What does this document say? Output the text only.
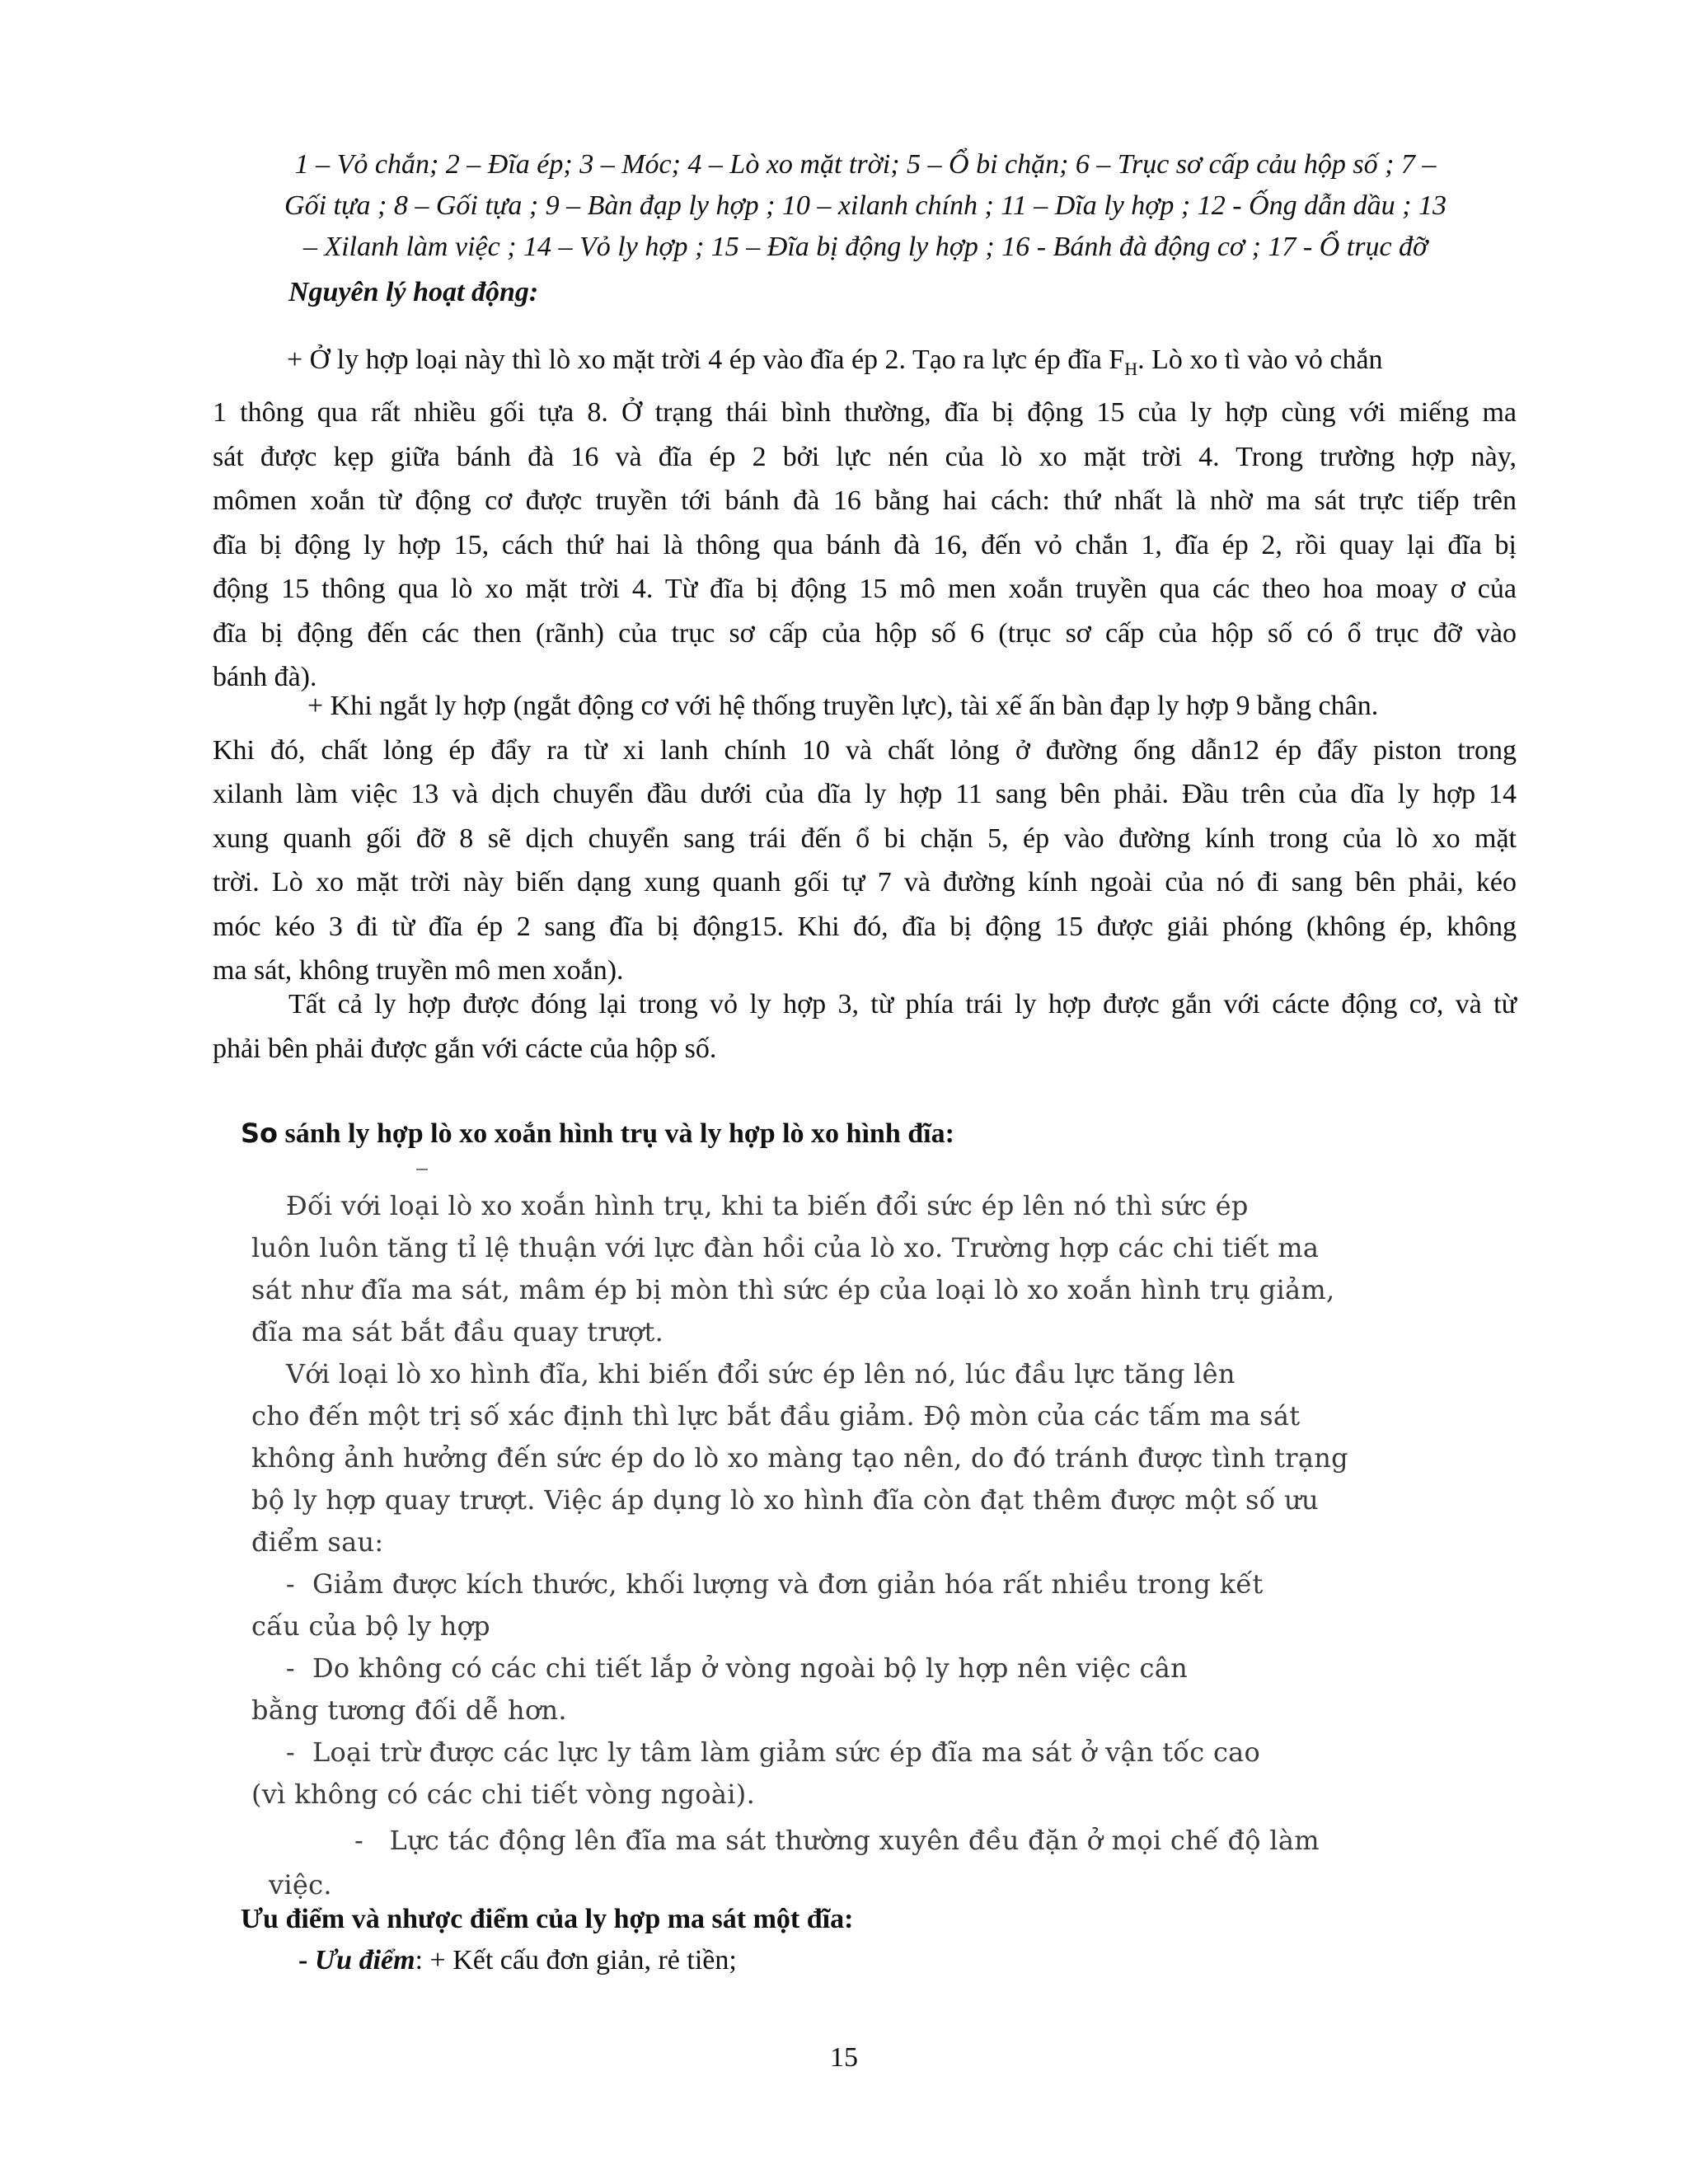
1 – Vỏ chắn; 2 – Đĩa ép; 3 – Móc; 4 – Lò xo mặt trời; 5 – Ổ bi chặn; 6 – Trục sơ cấp cảu hộp số ; 7 –
Gối tựa ; 8 – Gối tựa ; 9 – Bàn đạp ly hợp ; 10 – xilanh chính ; 11 – Dĩa ly hợp ; 12 - Ống dẫn dầu ; 13
– Xilanh làm việc ; 14 – Vỏ ly hợp ; 15 – Đĩa bị động ly hợp ; 16 - Bánh đà động cơ ; 17 - Ổ trục đỡ
Nguyên lý hoạt động:
+ Ở ly hợp loại này thì lò xo mặt trời 4 ép vào đĩa ép 2. Tạo ra lực ép đĩa $F_H$. Lò xo tì vào vỏ chắn
1 thông qua rất nhiều gối tựa 8. Ở trạng thái bình thường, đĩa bị động 15 của ly hợp cùng với miếng ma
sát được kẹp giữa bánh đà 16 và đĩa ép 2 bởi lực nén của lò xo mặt trời 4. Trong trường hợp này,
mômen xoắn từ động cơ được truyền tới bánh đà 16 bằng hai cách: thứ nhất là nhờ ma sát trực tiếp trên
đĩa bị động ly hợp 15, cách thứ hai là thông qua bánh đà 16, đến vỏ chắn 1, đĩa ép 2, rồi quay lại đĩa bị
động 15 thông qua lò xo mặt trời 4. Từ đĩa bị động 15 mô men xoắn truyền qua các theo hoa moay ơ của
đĩa bị động đến các then (rãnh) của trục sơ cấp của hộp số 6 (trục sơ cấp của hộp số có ổ trục đỡ vào
bánh đà).
+ Khi ngắt ly hợp (ngắt động cơ với hệ thống truyền lực), tài xế ấn bàn đạp ly hợp 9 bằng chân.
Khi đó, chất lỏng ép đẩy ra từ xi lanh chính 10 và chất lỏng ở đường ống dẫn12 ép đẩy piston trong
xilanh làm việc 13 và dịch chuyển đầu dưới của dĩa ly hợp 11 sang bên phải. Đầu trên của dĩa ly hợp 14
xung quanh gối đỡ 8 sẽ dịch chuyển sang trái đến ổ bi chặn 5, ép vào đường kính trong của lò xo mặt
trời. Lò xo mặt trời này biến dạng xung quanh gối tự 7 và đường kính ngoài của nó đi sang bên phải, kéo
móc kéo 3 đi từ đĩa ép 2 sang đĩa bị động15. Khi đó, đĩa bị động 15 được giải phóng (không ép, không
ma sát, không truyền mô men xoắn).
Tất cả ly hợp được đóng lại trong vỏ ly hợp 3, từ phía trái ly hợp được gắn với cácte động cơ, và từ
phải bên phải được gắn với cácte của hộp số.
So sánh ly hợp lò xo xoắn hình trụ và ly hợp lò xo hình đĩa:
Đối với loại lò xo xoắn hình trụ, khi ta biến đổi sức ép lên nó thì sức ép
luôn luôn tăng tỉ lệ thuận với lực đàn hồi của lò xo. Trường hợp các chi tiết ma
sát như đĩa ma sát, mâm ép bị mòn thì sức ép của loại lò xo xoắn hình trụ giảm,
đĩa ma sát bắt đầu quay trượt.
Với loại lò xo hình đĩa, khi biến đổi sức ép lên nó, lúc đầu lực tăng lên
cho đến một trị số xác định thì lực bắt đầu giảm. Độ mòn của các tấm ma sát
không ảnh hưởng đến sức ép do lò xo màng tạo nên, do đó tránh được tình trạng
bộ ly hợp quay trượt. Việc áp dụng lò xo hình đĩa còn đạt thêm được một số ưu
điểm sau:
-  Giảm được kích thước, khối lượng và đơn giản hóa rất nhiều trong kết
cấu của bộ ly hợp
-  Do không có các chi tiết lắp ở vòng ngoài bộ ly hợp nên việc cân
bằng tương đối dễ hơn.
-  Loại trừ được các lực ly tâm làm giảm sức ép đĩa ma sát ở vận tốc cao
(vì không có các chi tiết vòng ngoài).
-   Lực tác động lên đĩa ma sát thường xuyên đều đặn ở mọi chế độ làm
việc.
Ưu điểm và nhược điểm của ly hợp ma sát một đĩa:
- Ưu điểm: + Kết cấu đơn giản, rẻ tiền;
15
